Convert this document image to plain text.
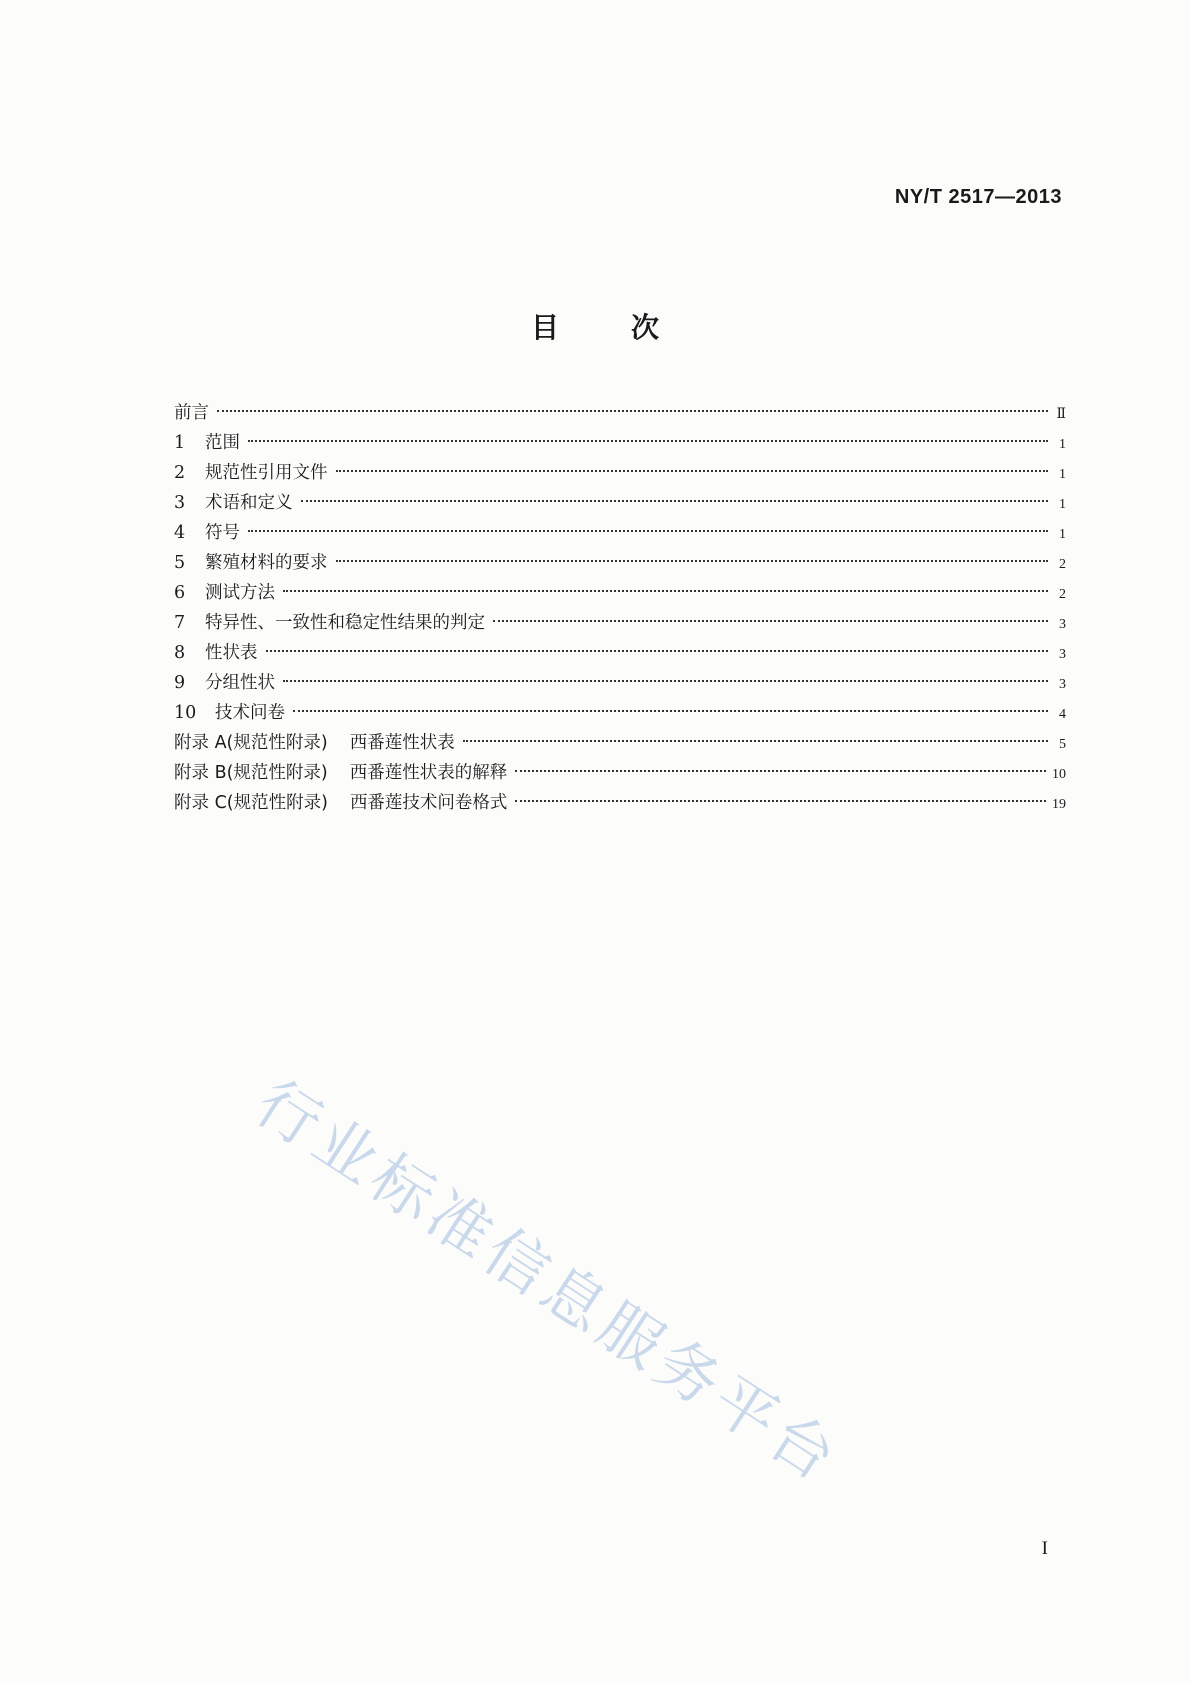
NY/T 2517—2013
目	次
前言	Ⅱ
1	范围	1
2	规范性引用文件	1
3	术语和定义	1
4	符号	1
5	繁殖材料的要求	2
6	测试方法	2
7	特异性、一致性和稳定性结果的判定	3
8	性状表	3
9	分组性状	3
10	技术问卷	4
附录 A(规范性附录) 西番莲性状表	5
附录 B(规范性附录) 西番莲性状表的解释	10
附录 C(规范性附录) 西番莲技术问卷格式	19
行业标准信息服务平台
I
